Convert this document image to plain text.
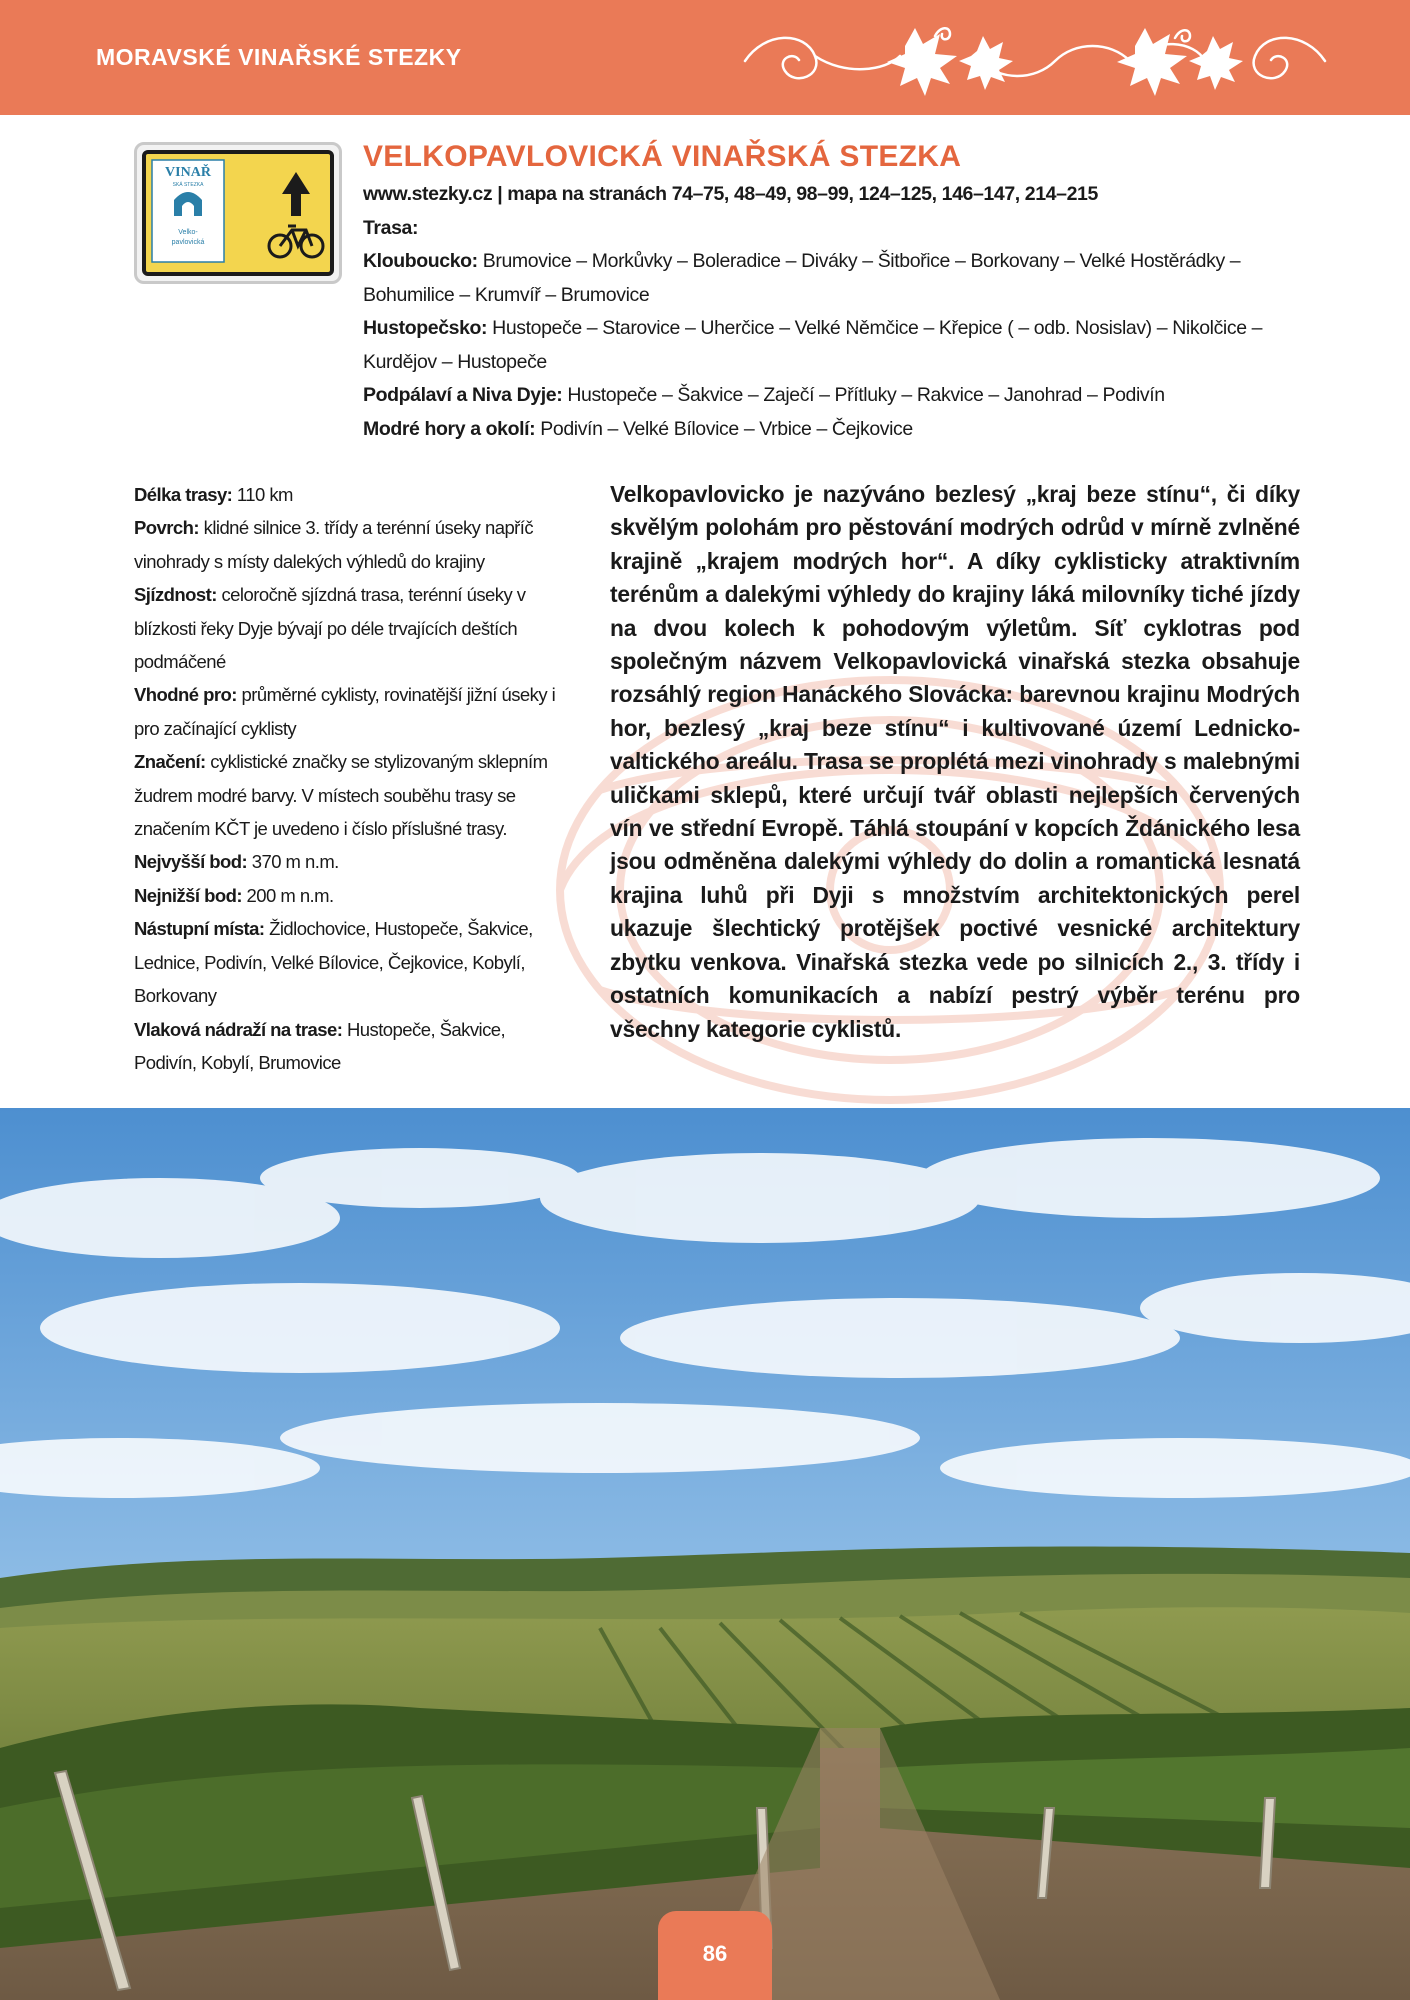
MORAVSKÉ VINAŘSKÉ STEZKY
VINAŘ
SKÁ STEZKA
Velko-
pavlovická
VELKOPAVLOVICKÁ VINAŘSKÁ STEZKA

www.stezky.cz | mapa na stranách 74–75, 48–49, 98–99, 124–125, 146–147, 214–215

Trasa:

Klouboucko: Brumovice – Morkůvky – Boleradice – Diváky – Šitbořice – Borkovany – Velké Hostěrádky – Bohumilice – Krumvíř – Brumovice

Hustopečsko: Hustopeče – Starovice – Uherčice – Velké Němčice – Křepice ( – odb. Nosislav) – Nikolčice – Kurdějov – Hustopeče

Podpálaví a Niva Dyje: Hustopeče – Šakvice – Zaječí – Přítluky – Rakvice – Janohrad – Podivín

Modré hory a okolí: Podivín – Velké Bílovice – Vrbice – Čejkovice

Délka trasy: 110 km

Povrch: klidné silnice 3. třídy a terénní úseky napříč vinohrady s místy dalekých výhledů do krajiny

Sjízdnost: celoročně sjízdná trasa, terénní úseky v blízkosti řeky Dyje bývají po déle trvajících deštích podmáčené

Vhodné pro: průměrné cyklisty, rovinatější jižní úseky i pro začínající cyklisty

Značení: cyklistické značky se stylizovaným sklepním žudrem modré barvy. V místech souběhu trasy se značením KČT je uvedeno i číslo příslušné trasy.

Nejvyšší bod: 370 m n.m.

Nejnižší bod: 200 m n.m.

Nástupní místa: Židlochovice, Hustopeče, Šakvice, Lednice, Podivín, Velké Bílovice, Čejkovice, Kobylí, Borkovany

Vlaková nádraží na trase: Hustopeče, Šakvice, Podivín, Kobylí, Brumovice

Velkopavlovicko je nazýváno bezlesý „kraj beze stínu“, či díky skvělým polohám pro pěstování modrých odrůd v mírně zvlněné krajině „krajem modrých hor“. A díky cyklisticky atraktivním terénům a dalekými výhledy do krajiny láká milovníky tiché jízdy na dvou kolech k pohodovým výletům. Síť cyklotras pod společným názvem Velkopavlovická vinařská stezka obsahuje rozsáhlý region Hanáckého Slovácka: barevnou krajinu Modrých hor, bezlesý „kraj beze stínu“ i kultivované území Lednicko-valtického areálu. Trasa se proplétá mezi vinohrady s malebnými uličkami sklepů, které určují tvář oblasti nejlepších červených vín ve střední Evropě. Táhlá stoupání v kopcích Ždánického lesa jsou odměněna dalekými výhledy do dolin a romantická lesnatá krajina luhů při Dyji s množstvím architektonických perel ukazuje šlechtický protějšek poctivé vesnické architektury zbytku venkova. Vinařská stezka vede po silnicích 2., 3. třídy i ostatních komunikacích a nabízí pestrý výběr terénu pro všechny kategorie cyklistů.
86
